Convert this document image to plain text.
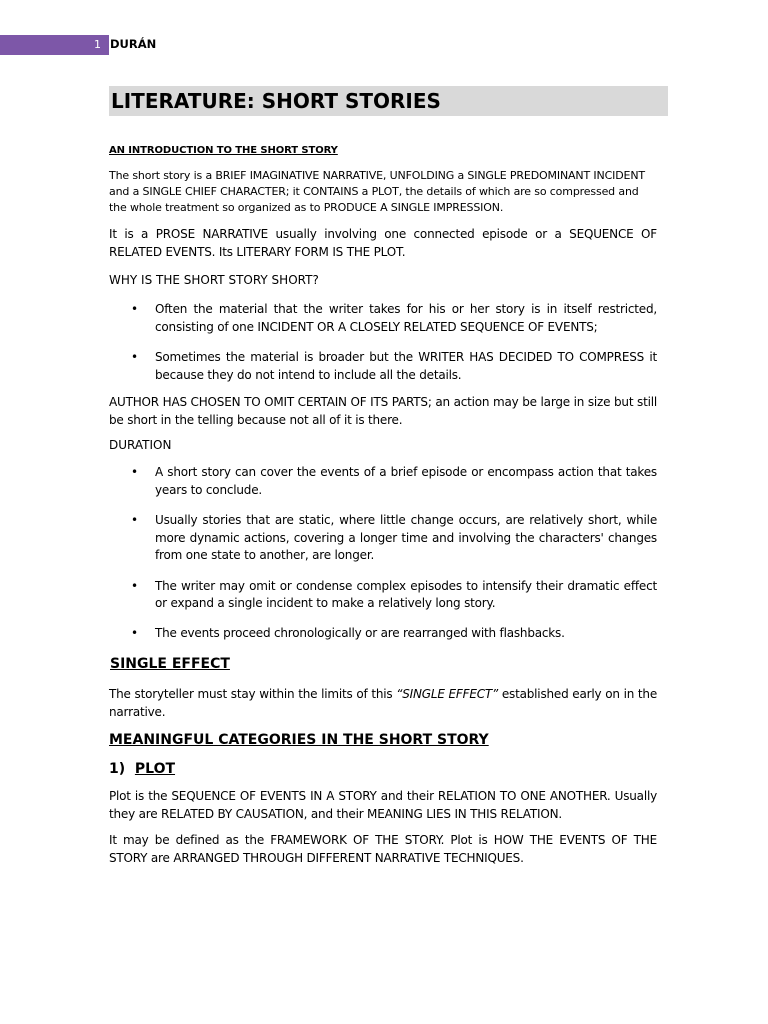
1 DURÁN
LITERATURE: SHORT STORIES
AN INTRODUCTION TO THE SHORT STORY

The short story is a BRIEF IMAGINATIVE NARRATIVE, UNFOLDING a SINGLE PREDOMINANT INCIDENT and a SINGLE CHIEF CHARACTER; it CONTAINS a PLOT, the details of which are so compressed and the whole treatment so organized as to PRODUCE A SINGLE IMPRESSION.

It is a PROSE NARRATIVE usually involving one connected episode or a SEQUENCE OF RELATED EVENTS. Its LITERARY FORM IS THE PLOT.

WHY IS THE SHORT STORY SHORT?

• Often the material that the writer takes for his or her story is in itself restricted, consisting of one INCIDENT OR A CLOSELY RELATED SEQUENCE OF EVENTS;
• Sometimes the material is broader but the WRITER HAS DECIDED TO COMPRESS it because they do not intend to include all the details.

AUTHOR HAS CHOSEN TO OMIT CERTAIN OF ITS PARTS; an action may be large in size but still be short in the telling because not all of it is there.

DURATION

• A short story can cover the events of a brief episode or encompass action that takes years to conclude.
• Usually stories that are static, where little change occurs, are relatively short, while more dynamic actions, covering a longer time and involving the characters' changes from one state to another, are longer.
• The writer may omit or condense complex episodes to intensify their dramatic effect or expand a single incident to make a relatively long story.
• The events proceed chronologically or are rearranged with flashbacks.

SINGLE EFFECT

The storyteller must stay within the limits of this “SINGLE EFFECT” established early on in the narrative.

MEANINGFUL CATEGORIES IN THE SHORT STORY

1) PLOT

Plot is the SEQUENCE OF EVENTS IN A STORY and their RELATION TO ONE ANOTHER. Usually they are RELATED BY CAUSATION, and their MEANING LIES IN THIS RELATION.

It may be defined as the FRAMEWORK OF THE STORY. Plot is HOW THE EVENTS OF THE STORY are ARRANGED THROUGH DIFFERENT NARRATIVE TECHNIQUES.
